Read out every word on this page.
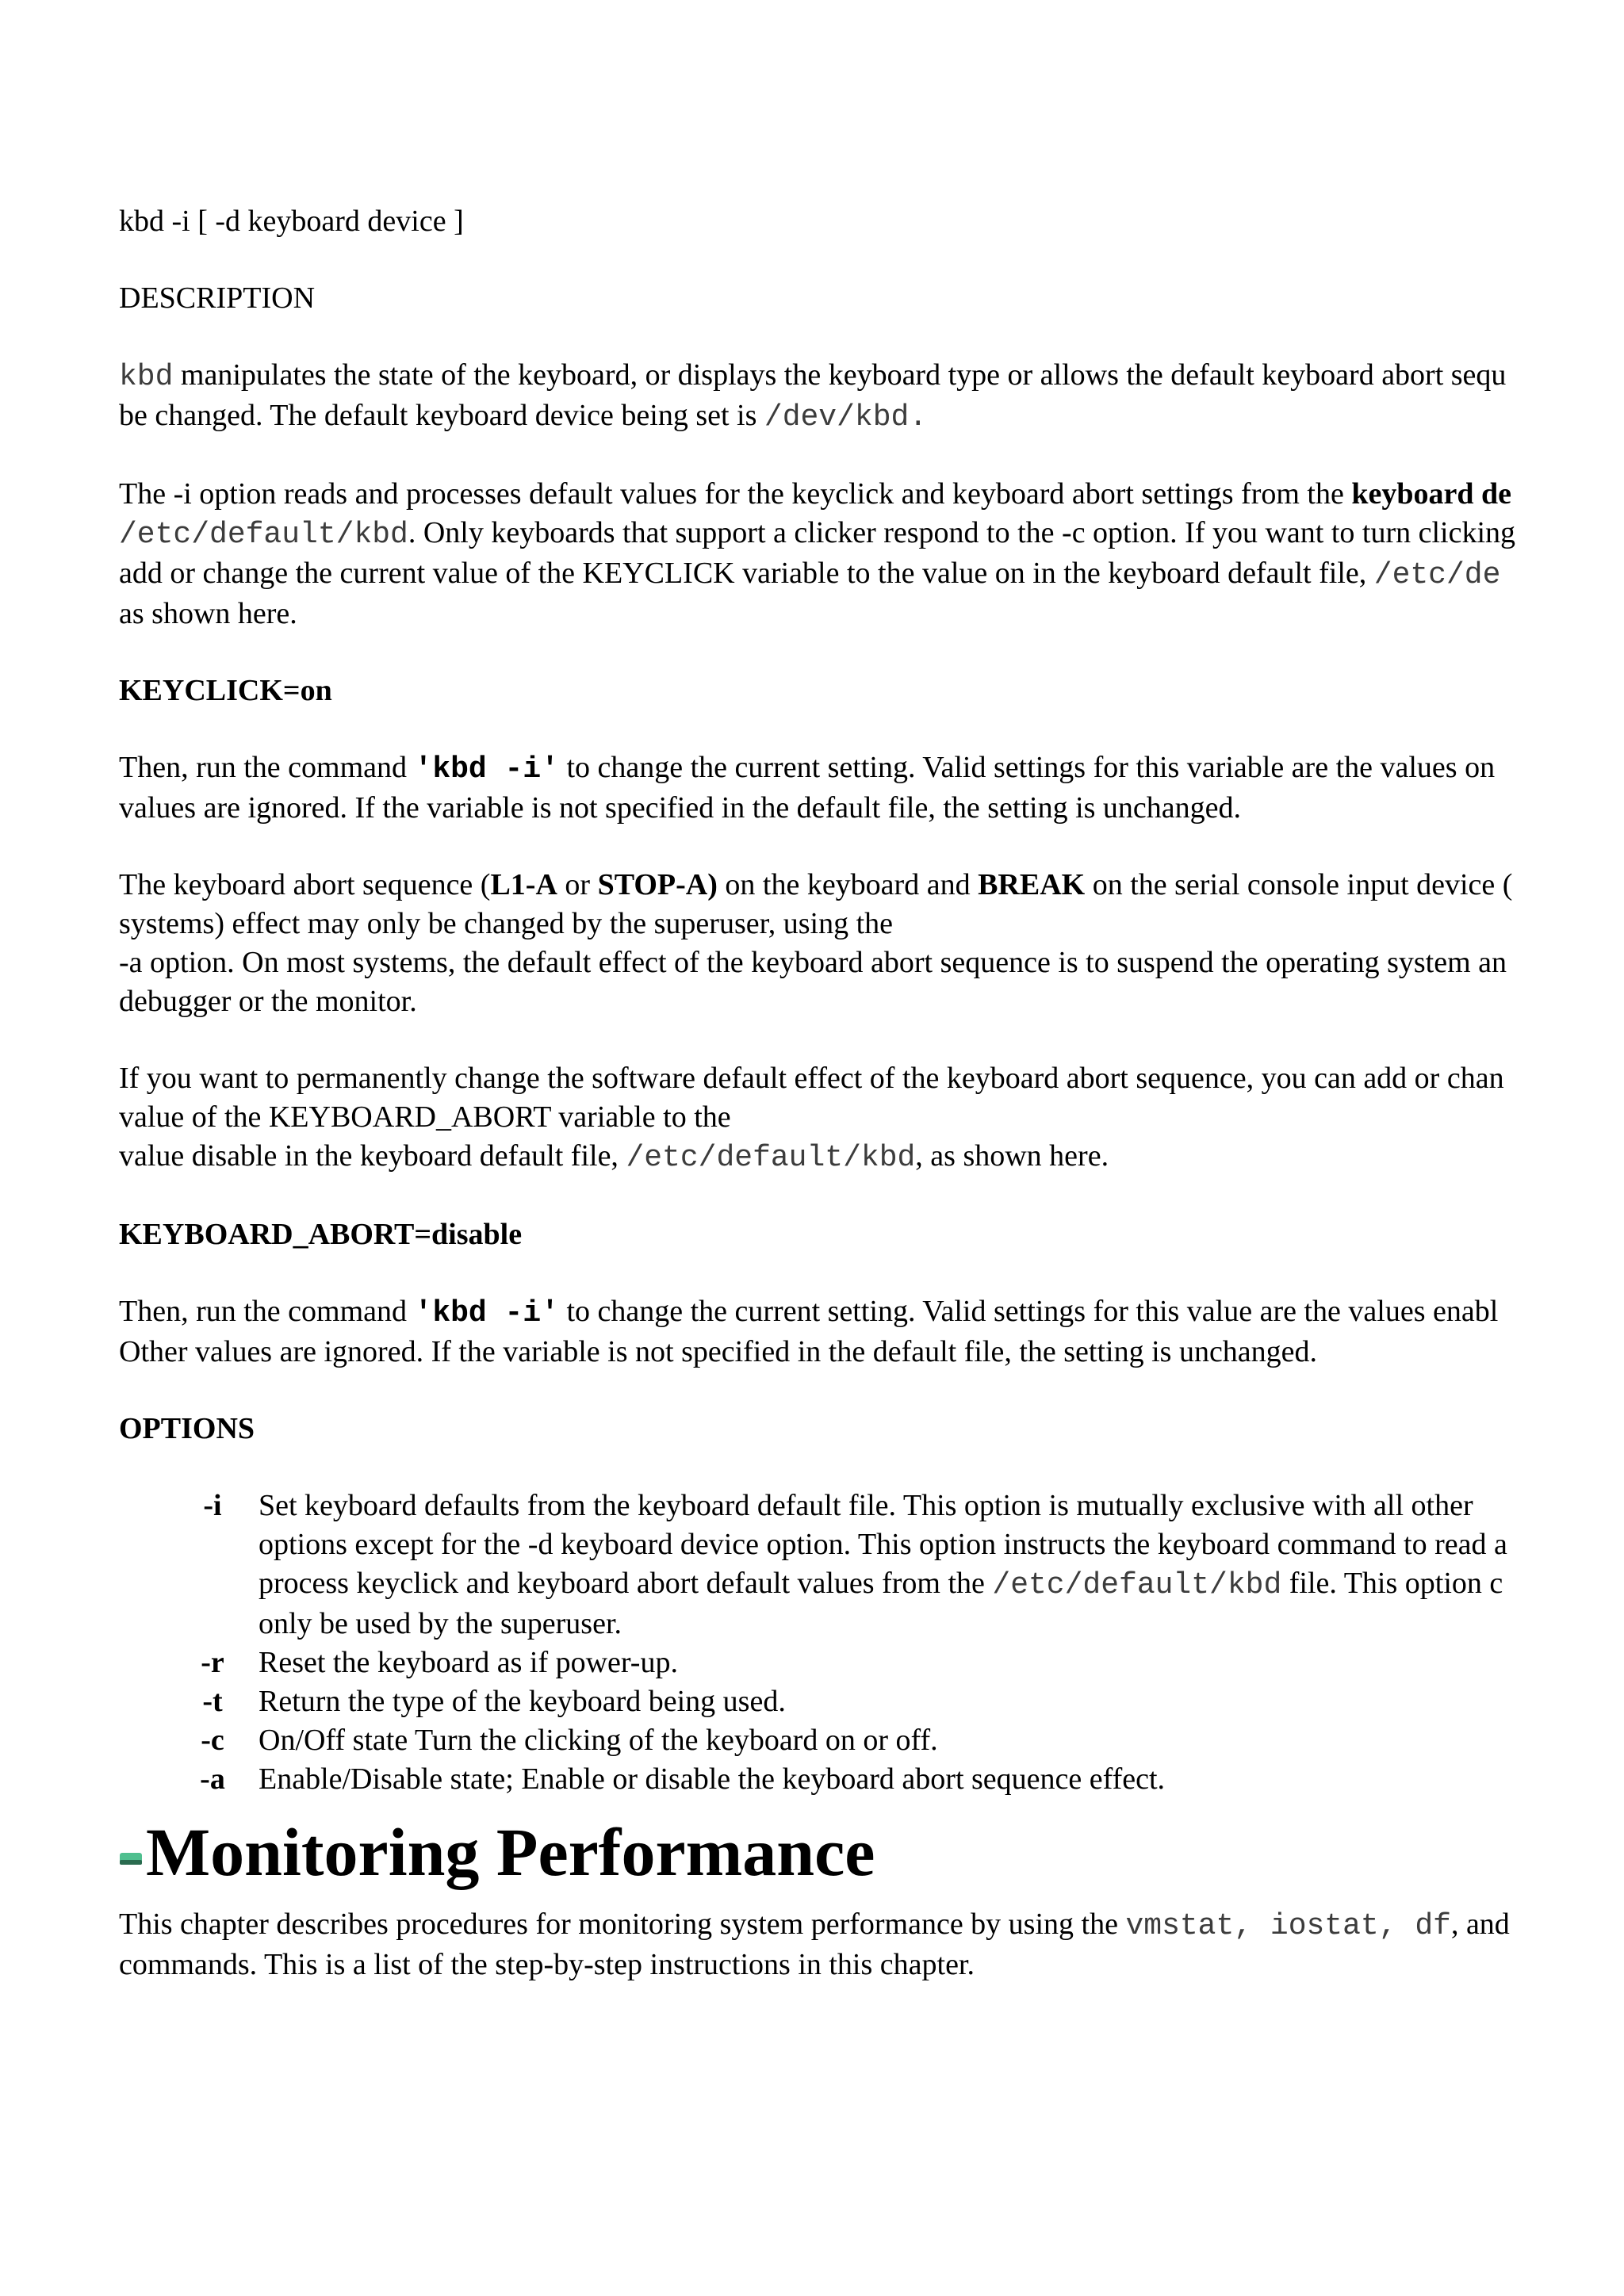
kbd -i [ -d keyboard device ]

DESCRIPTION

kbd manipulates the state of the keyboard, or displays the keyboard type or allows the default keyboard abort sequ

be changed. The default keyboard device being set is /dev/kbd.

The -i option reads and processes default values for the keyclick and keyboard abort settings from the keyboard de

/etc/default/kbd. Only keyboards that support a clicker respond to the -c option. If you want to turn clicking

add or change the current value of the KEYCLICK variable to the value on in the keyboard default file, /etc/de

as shown here.

KEYCLICK=on

Then, run the command 'kbd -i' to change the current setting. Valid settings for this variable are the values on

values are ignored. If the variable is not specified in the default file, the setting is unchanged.

The keyboard abort sequence (L1-A or STOP-A) on the keyboard and BREAK on the serial console input device (

systems) effect may only be changed by the superuser, using the

-a option. On most systems, the default effect of the keyboard abort sequence is to suspend the operating system an

debugger or the monitor.

If you want to permanently change the software default effect of the keyboard abort sequence, you can add or chan

value of the KEYBOARD_ABORT variable to the

value disable in the keyboard default file, /etc/default/kbd, as shown here.

KEYBOARD_ABORT=disable

Then, run the command 'kbd -i' to change the current setting. Valid settings for this value are the values enabl

Other values are ignored. If the variable is not specified in the default file, the setting is unchanged.

OPTIONS

-i	Set keyboard defaults from the keyboard default file. This option is mutually exclusive with all other

options except for the -d keyboard device option. This option instructs the keyboard command to read a

process keyclick and keyboard abort default values from the /etc/default/kbd file. This option c

only be used by the superuser.

-r	Reset the keyboard as if power-up.
-t	Return the type of the keyboard being used.
-c	On/Off state Turn the clicking of the keyboard on or off.
-a	Enable/Disable state; Enable or disable the keyboard abort sequence effect.
Monitoring Performance

This chapter describes procedures for monitoring system performance by using the vmstat, iostat, df, and

commands. This is a list of the step-by-step instructions in this chapter.
